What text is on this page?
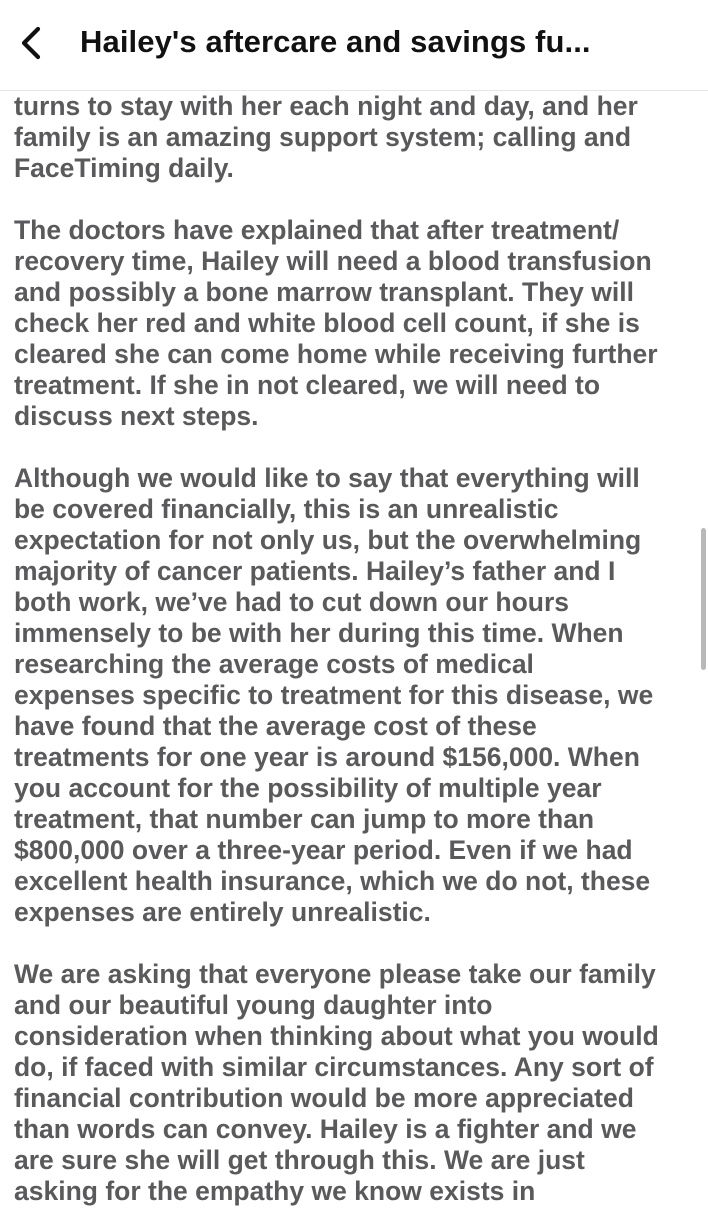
Hailey's aftercare and savings fu...

turns to stay with her each night and day, and her

family is an amazing support system; calling and

FaceTiming daily.

The doctors have explained that after treatment/

recovery time, Hailey will need a blood transfusion

and possibly a bone marrow transplant. They will

check her red and white blood cell count, if she is

cleared she can come home while receiving further

treatment. If she in not cleared, we will need to

discuss next steps.

Although we would like to say that everything will

be covered financially, this is an unrealistic

expectation for not only us, but the overwhelming

majority of cancer patients. Hailey’s father and I

both work, we’ve had to cut down our hours

immensely to be with her during this time. When

researching the average costs of medical

expenses specific to treatment for this disease, we

have found that the average cost of these

treatments for one year is around $156,000. When

you account for the possibility of multiple year

treatment, that number can jump to more than

$800,000 over a three-year period. Even if we had

excellent health insurance, which we do not, these

expenses are entirely unrealistic.

We are asking that everyone please take our family

and our beautiful young daughter into

consideration when thinking about what you would

do, if faced with similar circumstances. Any sort of

financial contribution would be more appreciated

than words can convey. Hailey is a fighter and we

are sure she will get through this. We are just

asking for the empathy we know exists in
